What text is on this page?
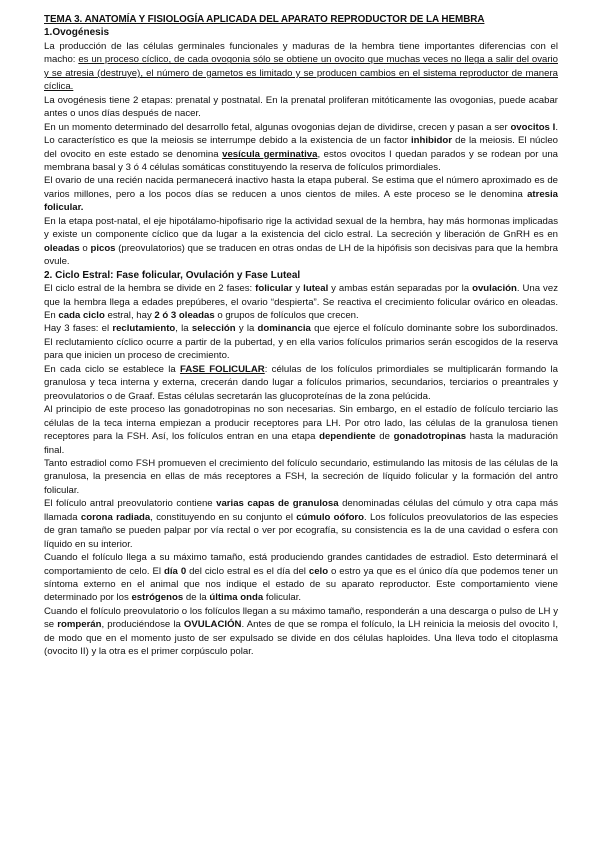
TEMA 3. ANATOMÍA Y FISIOLOGÍA APLICADA DEL APARATO REPRODUCTOR DE LA HEMBRA

1.Ovogénesis

La producción de las células germinales funcionales y maduras de la hembra tiene importantes diferencias con el macho: es un proceso cíclico, de cada ovogonia sólo se obtiene un ovocito que muchas veces no llega a salir del ovario y se atresia (destruye), el número de gametos es limitado y se producen cambios en el sistema reproductor de manera cíclica.

La ovogénesis tiene 2 etapas: prenatal y postnatal. En la prenatal proliferan mitóticamente las ovogonias, puede acabar antes o unos días después de nacer.

En un momento determinado del desarrollo fetal, algunas ovogonias dejan de dividirse, crecen y pasan a ser ovocitos I. Lo característico es que la meiosis se interrumpe debido a la existencia de un factor inhibidor de la meiosis. El núcleo del ovocito en este estado se denomina vesícula germinativa, estos ovocitos I quedan parados y se rodean por una membrana basal y 3 ó 4 células somáticas constituyendo la reserva de folículos primordiales.

El ovario de una recién nacida permanecerá inactivo hasta la etapa puberal. Se estima que el número aproximado es de varios millones, pero a los pocos días se reducen a unos cientos de miles. A este proceso se le denomina atresia folicular.

En la etapa post-natal, el eje hipotálamo-hipofisario rige la actividad sexual de la hembra, hay más hormonas implicadas y existe un componente cíclico que da lugar a la existencia del ciclo estral. La secreción y liberación de GnRH es en oleadas o picos (preovulatorios) que se traducen en otras ondas de LH de la hipófisis son decisivas para que la hembra ovule.

2. Ciclo Estral: Fase folicular, Ovulación y Fase Luteal

El ciclo estral de la hembra se divide en 2 fases: folicular y luteal y ambas están separadas por la ovulación. Una vez que la hembra llega a edades prepúberes, el ovario “despierta”. Se reactiva el crecimiento folicular ovárico en oleadas. En cada ciclo estral, hay 2 ó 3 oleadas o grupos de folículos que crecen.

Hay 3 fases: el reclutamiento, la selección y la dominancia que ejerce el folículo dominante sobre los subordinados. El reclutamiento cíclico ocurre a partir de la pubertad, y en ella varios folículos primarios serán escogidos de la reserva para que inicien un proceso de crecimiento.

En cada ciclo se establece la FASE FOLICULAR: células de los folículos primordiales se multiplicarán formando la granulosa y teca interna y externa, crecerán dando lugar a folículos primarios, secundarios, terciarios o preantrales y preovulatorios o de Graaf. Estas células secretarán las glucoproteínas de la zona pelúcida.

Al principio de este proceso las gonadotropinas no son necesarias. Sin embargo, en el estadío de folículo terciario las células de la teca interna empiezan a producir receptores para LH. Por otro lado, las células de la granulosa tienen receptores para la FSH. Así, los folículos entran en una etapa dependiente de gonadotropinas hasta la maduración final.

Tanto estradiol como FSH promueven el crecimiento del folículo secundario, estimulando las mitosis de las células de la granulosa, la presencia en ellas de más receptores a FSH, la secreción de líquido folicular y la formación del antro folicular.

El folículo antral preovulatorio contiene varias capas de granulosa denominadas células del cúmulo y otra capa más llamada corona radiada, constituyendo en su conjunto el cúmulo oóforo. Los folículos preovulatorios de las especies de gran tamaño se pueden palpar por vía rectal o ver por ecografía, su consistencia es la de una cavidad o esfera con líquido en su interior.

Cuando el folículo llega a su máximo tamaño, está produciendo grandes cantidades de estradiol. Esto determinará el comportamiento de celo. El día 0 del ciclo estral es el día del celo o estro ya que es el único día que podemos tener un síntoma externo en el animal que nos indique el estado de su aparato reproductor. Este comportamiento viene determinado por los estrógenos de la última onda folicular.

Cuando el folículo preovulatorio o los folículos llegan a su máximo tamaño, responderán a una descarga o pulso de LH y se romperán, produciéndose la OVULACIÓN. Antes de que se rompa el folículo, la LH reinicia la meiosis del ovocito I, de modo que en el momento justo de ser expulsado se divide en dos células haploides. Una lleva todo el citoplasma (ovocito II) y la otra es el primer corpúsculo polar.
